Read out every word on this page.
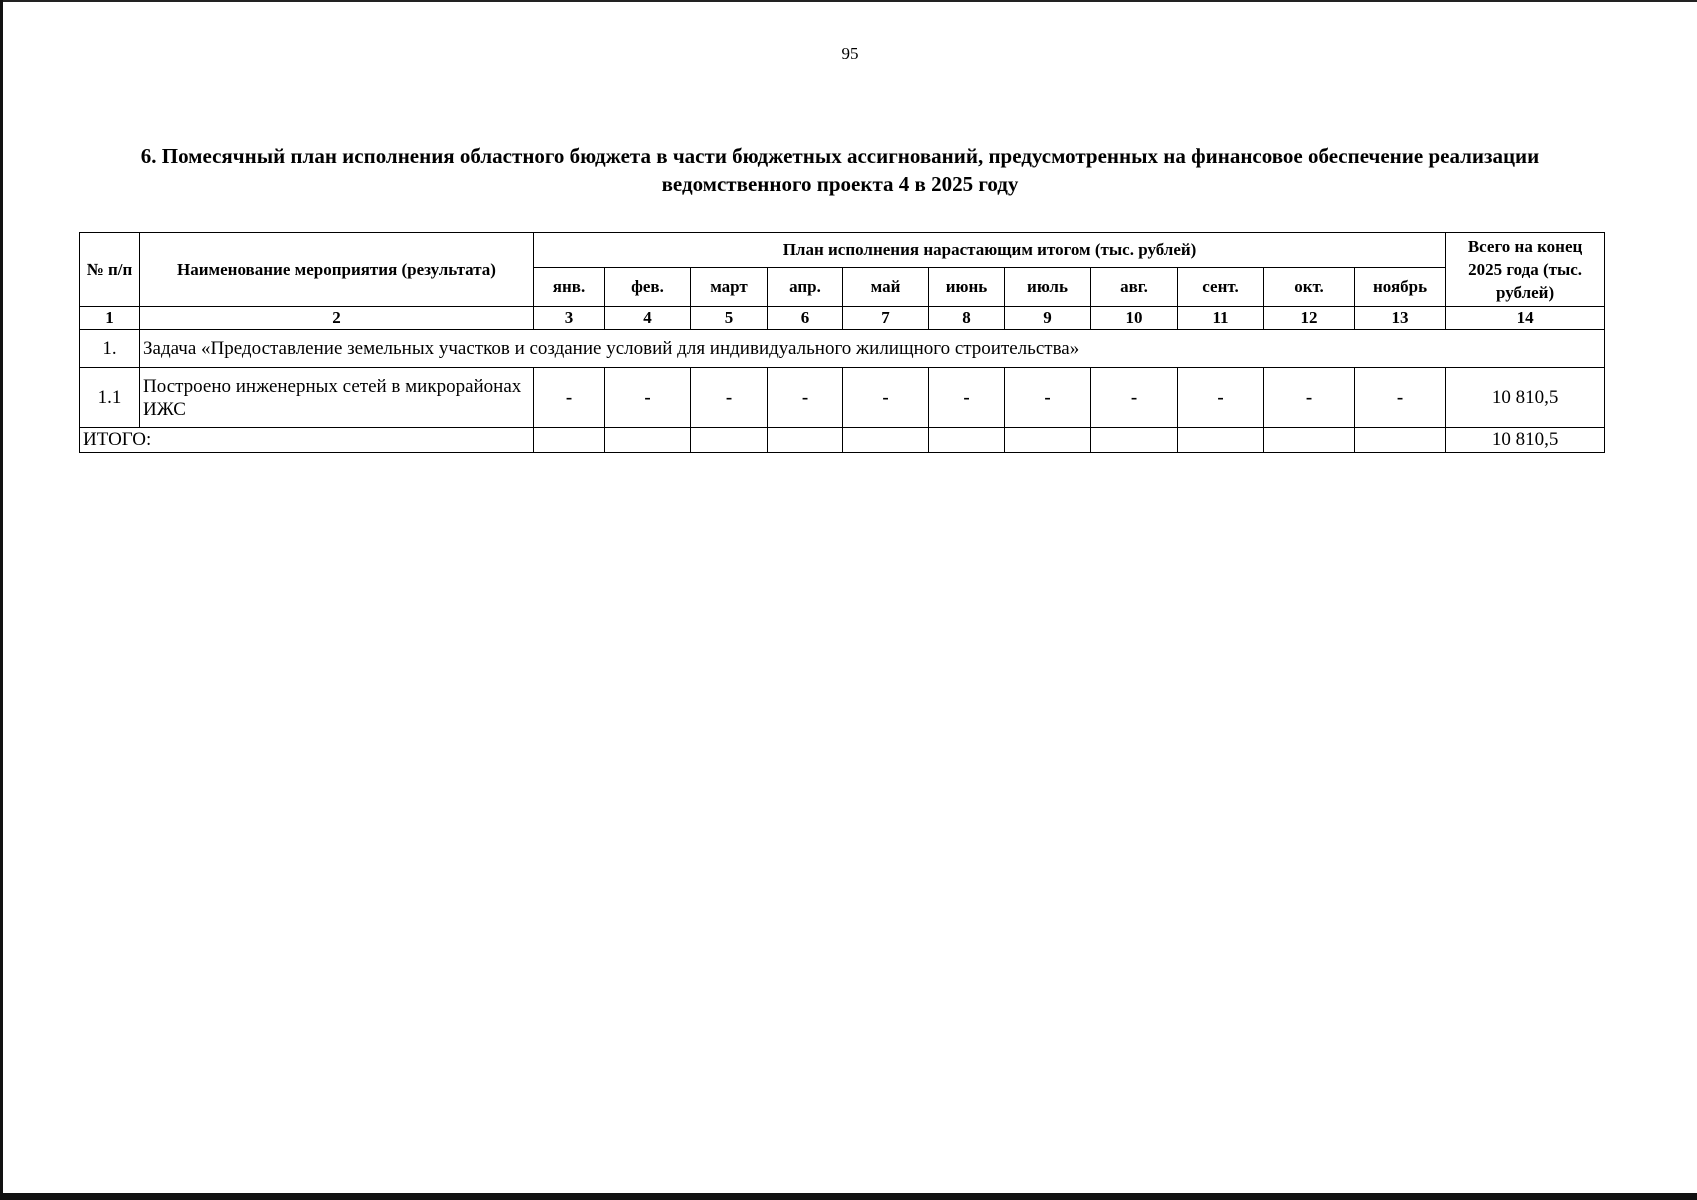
95
6. Помесячный план исполнения областного бюджета в части бюджетных ассигнований, предусмотренных на финансовое обеспечение реализации ведомственного проекта 4 в 2025 году
№ п/п	Наименование мероприятия (результата)	План исполнения нарастающим итогом (тыс. рублей)											Всего на конец 2025 года (тыс. рублей)
		янв.	фев.	март	апр.	май	июнь	июль	авг.	сент.	окт.	ноябрь	
1	2	3	4	5	6	7	8	9	10	11	12	13	14
1.	Задача «Предоставление земельных участков и создание условий для индивидуального жилищного строительства»												
1.1	Построено инженерных сетей в микрорайонах ИЖС	-	-	-	-	-	-	-	-	-	-	-	10 810,5
ИТОГО:													10 810,5
